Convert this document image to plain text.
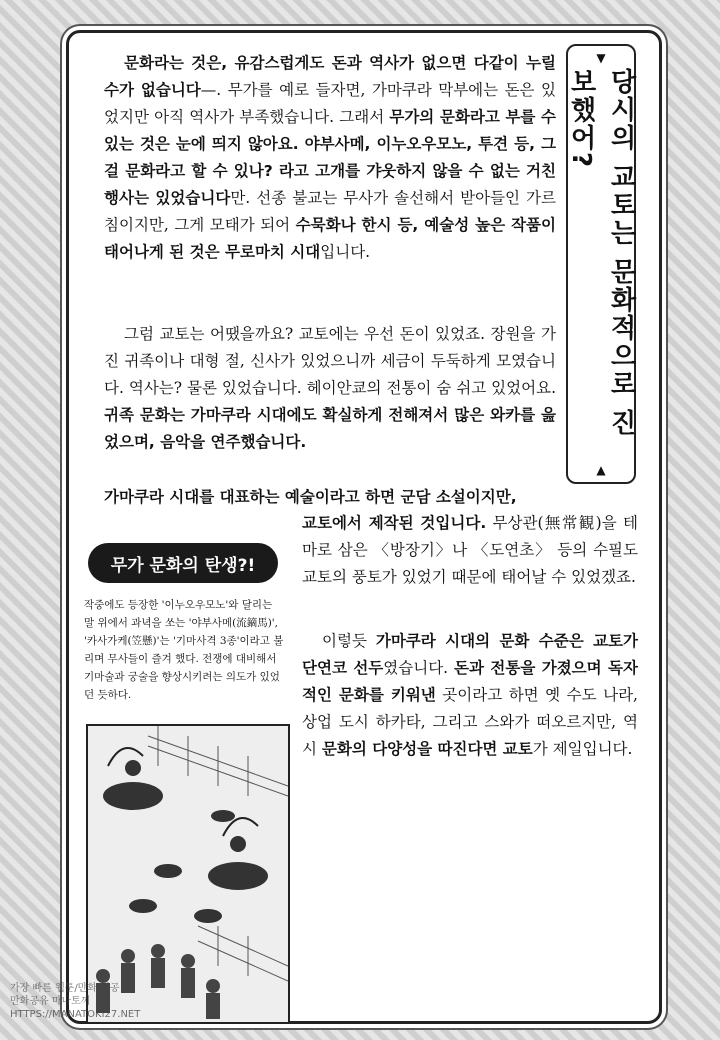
문화라는 것은, 유감스럽게도 돈과 역사가 없으면 다같이 누릴 수가 없습니다—. 무가를 예로 들자면, 가마쿠라 막부에는 돈은 있었지만 아직 역사가 부족했습니다. 그래서 무가의 문화라고 부를 수 있는 것은 눈에 띄지 않아요. 야부사메, 이누오우모노, 투견 등, 그걸 문화라고 할 수 있나? 라고 고개를 갸웃하지 않을 수 없는 거친 행사는 있었습니다만. 선종 불교는 무사가 솔선해서 받아들인 가르침이지만, 그게 모태가 되어 수묵화나 한시 등, 예술성 높은 작품이 태어나게 된 것은 무로마치 시대입니다.

그럼 교토는 어땠을까요? 교토에는 우선 돈이 있었죠. 장원을 가진 귀족이나 대형 절, 신사가 있었으니까 세금이 두둑하게 모였습니다. 역사는? 물론 있었습니다. 헤이안쿄의 전통이 숨 쉬고 있었어요. 귀족 문화는 가마쿠라 시대에도 확실하게 전해져서 많은 와카를 읊었으며, 음악을 연주했습니다.

가마쿠라 시대를 대표하는 예술이라고 하면 군담 소설이지만,

교토에서 제작된 것입니다. 무상관(無常観)을 테마로 삼은 〈방장기〉나 〈도연초〉 등의 수필도 교토의 풍토가 있었기 때문에 태어날 수 있었겠죠.

이렇듯 가마쿠라 시대의 문화 수준은 교토가 단연코 선두였습니다. 돈과 전통을 가졌으며 독자적인 문화를 키워낸 곳이라고 하면 옛 수도 나라, 상업 도시 하카타, 그리고 스와가 떠오르지만, 역시 문화의 다양성을 따진다면 교토가 제일입니다.

▼
당시의 교토는 문화적으로 진보했어?
▲
무가 문화의 탄생?!

작중에도 등장한 '이누오우모노'와 달리는 말 위에서 과녁을 쏘는 '야부사메(流鏑馬)', '카사가케(笠懸)'는 '기마사격 3종'이라고 불리며 무사들이 즐겨 했다. 전쟁에 대비해서 기마술과 궁술을 향상시키려는 의도가 있었던 듯하다.

가장 빠른 웹툰/만화 제공
만화공유 마나토끼
HTTPS://MANATOKI27.NET
